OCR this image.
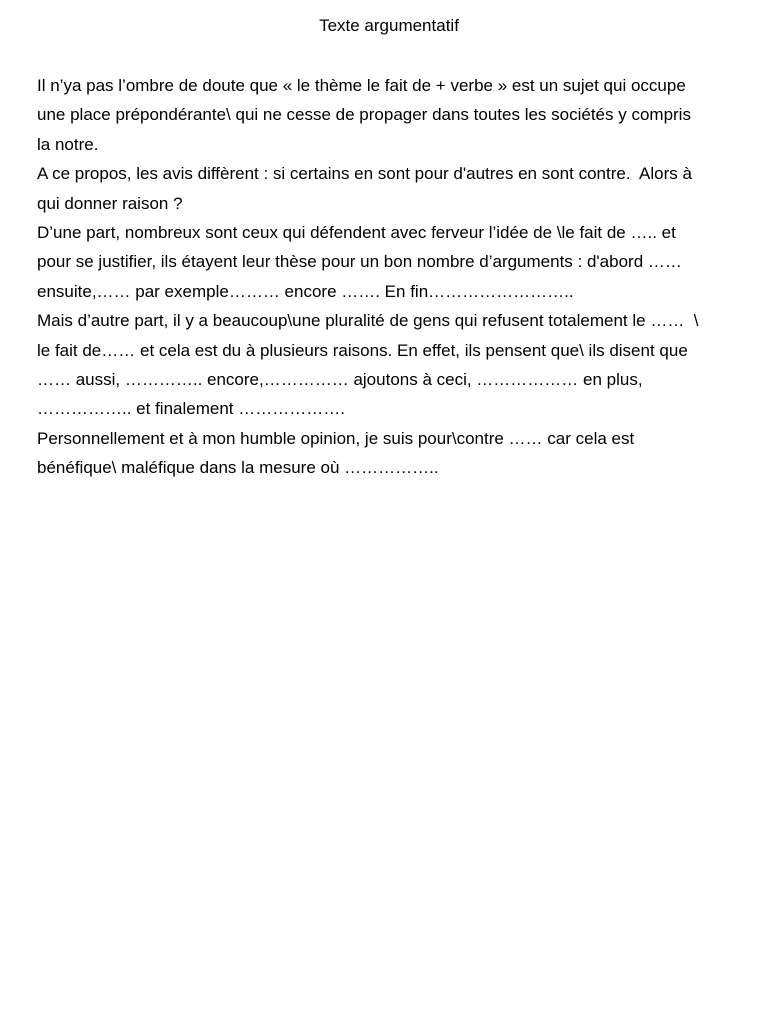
Texte argumentatif
Il n’ya pas l’ombre de doute que « le thème le fait de + verbe » est un sujet qui occupe
une place prépondérante\ qui ne cesse de propager dans toutes les sociétés y compris
la notre.
A ce propos, les avis diffèrent : si certains en sont pour d'autres en sont contre.  Alors à
qui donner raison ?
D’une part, nombreux sont ceux qui défendent avec ferveur l’idée de \le fait de ….. et
pour se justifier, ils étayent leur thèse pour un bon nombre d’arguments : d'abord ……
ensuite,…… par exemple……… encore ……. En fin……………………..
Mais d’autre part, il y a beaucoup\une pluralité de gens qui refusent totalement le ……  \
le fait de…… et cela est du à plusieurs raisons. En effet, ils pensent que\ ils disent que
…… aussi, ………….. encore,…………… ajoutons à ceci, ……………… en plus,
…………….. et finalement ……………….
Personnellement et à mon humble opinion, je suis pour\contre …… car cela est
bénéfique\ maléfique dans la mesure où ……………..
